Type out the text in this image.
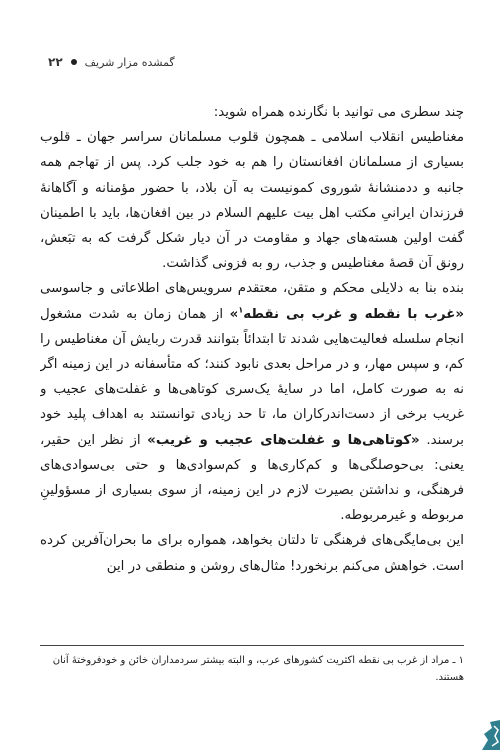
۲۲ گمشده مزار شریف

چند سطری می توانید با نگارنده همراه شوید:

مغناطیس انقلاب اسلامی ـ همچون قلوب مسلمانان سراسر جهان ـ قلوب بسیاری از مسلمانان افغانستان را هم به خود جلب کرد. پس از تهاجم همه جانبه و ددمنشانهٔ شوروی کمونیست به آن بلاد، با حضور مؤمنانه و آگاهانهٔ فرزندان ایرانیِ مکتب اهل بیت علیهم السلام در بین افغان‌ها، باید با اطمینان گفت اولین هسته‌های جهاد و مقاومت در آن دیار شکل گرفت که به تبَعش، رونق آن قصهٔ مغناطیس و جذب، رو به فزونی گذاشت.

بنده بنا به دلایلی محکم و متقن، معتقدم سرویس‌های اطلاعاتی و جاسوسی «غرب با نقطه و غرب بی نقطه$^۱$» از همان زمان به شدت مشغول انجام سلسله فعالیت‌هایی شدند تا ابتدائاً بتوانند قدرت ربایش آن مغناطیس را کم، و سپس مهار، و در مراحل بعدی نابود کنند؛ که متأسفانه در این زمینه اگر نه به صورت کامل، اما در سایهٔ یک‌سری کوتاهی‌ها و غفلت‌های عجیب و غریب برخی از دست‌اندرکاران ما، تا حد زیادی توانستند به اهداف پلید خود برسند. «کوتاهی‌ها و غفلت‌های عجیب و غریب» از نظر این حقیر، یعنی: بی‌حوصلگی‌ها و کم‌کاری‌ها و کم‌سوادی‌ها و حتی بی‌سوادی‌های فرهنگی، و نداشتن بصیرت لازم در این زمینه، از سوی بسیاری از مسؤولینِ مربوطه و غیرمربوطه.

این بی‌مایگی‌های فرهنگی تا دلتان بخواهد، همواره برای ما بحران‌آفرین کرده است. خواهش می‌کنم برنخورد! مثال‌های روشن و منطقی در این

۱ ـ مراد از غرب بی نقطه اکثریت کشورهای عرب، و البته بیشتر سردمداران خائن و خودفروختهٔ آنان هستند.
